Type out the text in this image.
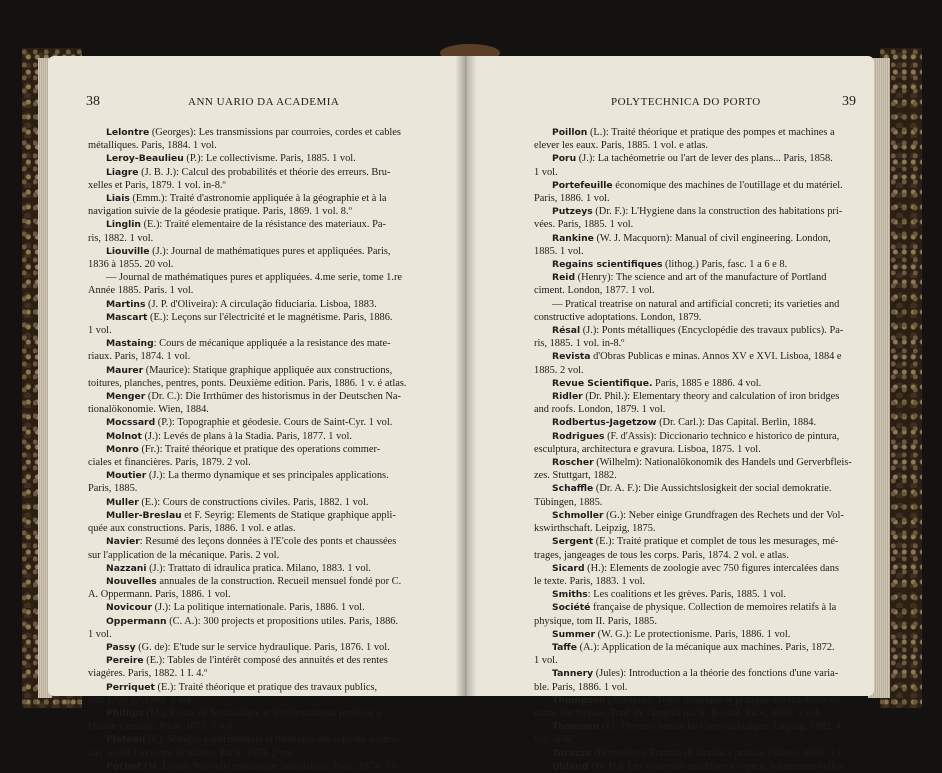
38	ANN UARIO DA ACADEMIA
Lelontre (Georges): Les transmissions par courroies, cordes et cables
métalliques. Paris, 1884. 1 vol.
Leroy-Beaulieu (P.): Le collectivisme. Paris, 1885. 1 vol.
Liagre (J. B. J.): Calcul des probabilités et théorie des erreurs. Bru-
xelles et Paris, 1879. 1 vol. in-8.º
Liais (Emm.): Traité d'astronomie appliquée à la géographie et à la
navigation suivie de la géodesie pratique. Paris, 1869. 1 vol. 8.º
Linglin (E.): Traité elementaire de la résistance des materiaux. Pa-
ris, 1882. 1 vol.
Liouville (J.): Journal de mathématiques pures et appliquées. Paris,
1836 à 1855. 20 vol.
— Journal de mathématiques pures et appliquées. 4.me serie, tome 1.re
Année 1885. Paris. 1 vol.
Martins (J. P. d'Oliveira): A circulação fiduciaria. Lisboa, 1883.
Mascart (E.): Leçons sur l'électricité et le magnétisme. Paris, 1886.
1 vol.
Mastaing: Cours de mécanique appliquée a la resistance des mate-
riaux. Paris, 1874. 1 vol.
Maurer (Maurice): Statique graphique appliquée aux constructions,
toitures, planches, pentres, ponts. Deuxième edition. Paris, 1886. 1 v. é atlas.
Menger (Dr. C.): Die Irrthümer des historismus in der Deutschen Na-
tionalökonomie. Wien, 1884.
Mocssard (P.): Topographie et géodesie. Cours de Saint-Cyr. 1 vol.
Molnot (J.): Levés de plans à la Stadia. Paris, 1877. 1 vol.
Monro (Fr.): Traité théorique et pratique des operations commer-
ciales et financières. Paris, 1879. 2 vol.
Moutier (J.): La thermo dynamique et ses principales applications.
Paris, 1885.
Muller (E.): Cours de constructions civiles. Paris, 1882. 1 vol.
Muller-Breslau et F. Seyrig: Elements de Statique graphique appli-
quée aux constructions. Paris, 1886. 1 vol. e atlas.
Navier: Resumé des leçons données à l'E'cole des ponts et chaussées
sur l'application de la mécanique. Paris. 2 vol.
Nazzani (J.): Trattato di idraulica pratica. Milano, 1883. 1 vol.
Nouvelles annuales de la construction. Recueil mensuel fondé por C.
A. Oppermann. Paris, 1886. 1 vol.
Novicour (J.): La politique internationale. Paris, 1886. 1 vol.
Oppermann (C. A.): 300 projects et propositions utiles. Paris, 1886.
1 vol.
Passy (G. de): E'tude sur le service hydraulique. Paris, 1876. 1 vol.
Pereire (E.): Tables de l'intérêt composé des annuités et des rentes
viagéres. Paris, 1882. 1 I. 4.º
Perriquet (E.): Traité théorique et pratique des travaux publics,
tom 1.º et 2.º 1883. 2 vol.
Phillips (M.): Cours de hydraulique et d'hydrostatique professé à
l'Ecole Centrale. Paris, 1875. 1 vol.
Plateau (J.): Statique expérimentale et théorique des liquides soumis
aux seules forces moléculaires. Paris, 1873. 2 vol.
Pochet (M. Léon): Nouvelle mécanique industrielle. Paris, 1874. 1 v.
39
POLYTECHNICA DO PORTO
Poillon (L.): Traité théorique et pratique des pompes et machines a
elever les eaux. Paris, 1885. 1 vol. e atlas.
Poru (J.): La tachéometrie ou l'art de lever des plans... Paris, 1858.
1 vol.
Portefeuille économique des machines de l'outillage et du matériel.
Paris, 1886. 1 vol.
Putzeys (Dr. F.): L'Hygiene dans la construction des habitations pri-
vées. Paris, 1885. 1 vol.
Rankine (W. J. Macquorn): Manual of civil engineering. London,
1885. 1 vol.
Regains scientifiques (lithog.) Paris, fasc. 1 a 6 e 8.
Reid (Henry): The science and art of the manufacture of Portland
ciment. London, 1877. 1 vol.
— Pratical treatrise on natural and artificial concreti; its varieties and
constructive adoptations. London, 1879.
Résal (J.): Ponts métalliques (Encyclopédie des travaux publics). Pa-
ris, 1885. 1 vol. in-8.º
Revista d'Obras Publicas e minas. Annos XV e XVI. Lisboa, 1884 e
1885. 2 vol.
Revue Scientifique. Paris, 1885 e 1886. 4 vol.
Ridler (Dr. Phil.): Elementary theory and calculation of iron bridges
and roofs. London, 1879. 1 vol.
Rodbertus-Jagetzow (Dr. Carl.): Das Capital. Berlin, 1884.
Rodrigues (F. d'Assis): Diccionario technico e historico de pintura,
esculptura, architectura e gravura. Lisboa, 1875. 1 vol.
Roscher (Wilhelm): Nationalökonomik des Handels und Gerverbfleis-
zes. Stuttgart, 1882.
Schaffle (Dr. A. F.): Die Aussichtslosigkeit der social demokratie.
Tübingen, 1885.
Schmoller (G.): Neber einige Grundfragen des Rechets und der Vol-
kswirthschaft. Leipzig, 1875.
Sergent (E.): Traité pratique et complet de tous les mesurages, mé-
trages, jangeages de tous les corps. Paris, 1874. 2 vol. e atlas.
Sicard (H.): Elements de zoologie avec 750 figures intercalées dans
le texte. Paris, 1883. 1 vol.
Smiths: Les coalitions et les grèves. Paris, 1885. 1 vol.
Société française de physique. Collection de memoires relatifs à la
physique, tom II. Paris, 1885.
Summer (W. G.): Le protectionisme. Paris, 1886. 1 vol.
Taffe (A.): Application de la mécanique aux machines. Paris, 1872.
1 vol.
Tannery (Jules): Introduction a la théorie des fonctions d'une varia-
ble. Paris, 1886. 1 vol.
Thompson (Silvanus): Traité théorique et pratique des machines dy-
namo électriques. Trad. de l'anglais par E. Boistel. Paris, 1886. 1 vol.
Thomson (J.): Thermochemische Untersuchungen. Leipzig, 1882. 4
vol. in-8.º
Turazza (Domenico): Trattato di idraulica pratica. Padova, 1880. 1 v.
Ubland (W. H.): Les nouvelles machines à vapeur, notamment celles
